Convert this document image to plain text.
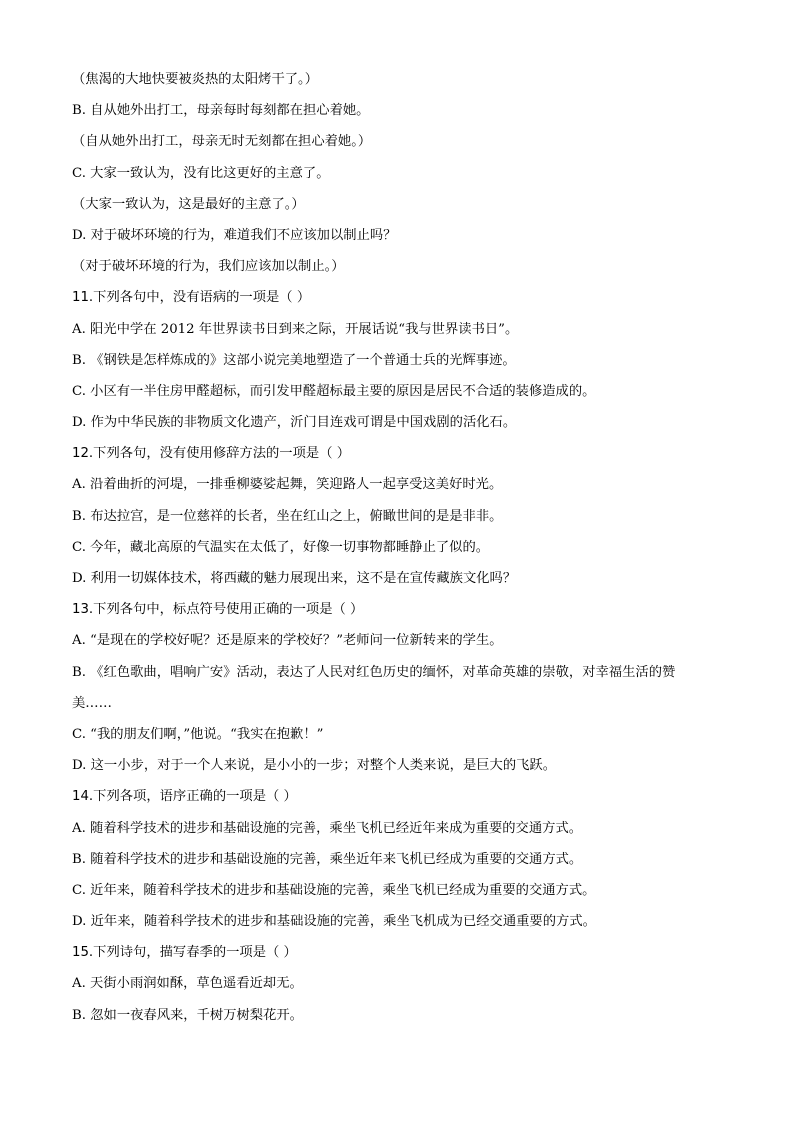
（焦渴的大地快要被炎热的太阳烤干了。）
B. 自从她外出打工，母亲每时每刻都在担心着她。
（自从她外出打工，母亲无时无刻都在担心着她。）
C. 大家一致认为，没有比这更好的主意了。
（大家一致认为，这是最好的主意了。）
D. 对于破坏环境的行为，难道我们不应该加以制止吗？
（对于破坏环境的行为，我们应该加以制止。）
11.下列各句中，没有语病的一项是（ ）
A. 阳光中学在 2012 年世界读书日到来之际，开展话说“我与世界读书日”。
B. 《钢铁是怎样炼成的》这部小说完美地塑造了一个普通士兵的光辉事迹。
C. 小区有一半住房甲醛超标，而引发甲醛超标最主要的原因是居民不合适的装修造成的。
D. 作为中华民族的非物质文化遗产，沂门目连戏可谓是中国戏剧的活化石。
12.下列各句，没有使用修辞方法的一项是（ ）
A. 沿着曲折的河堤，一排垂柳婆娑起舞，笑迎路人一起享受这美好时光。
B. 布达拉宫，是一位慈祥的长者，坐在红山之上，俯瞰世间的是是非非。
C. 今年，藏北高原的气温实在太低了，好像一切事物都睡静止了似的。
D. 利用一切媒体技术，将西藏的魅力展现出来，这不是在宣传藏族文化吗？
13.下列各句中，标点符号使用正确的一项是（ ）
A. “是现在的学校好呢？还是原来的学校好？”老师问一位新转来的学生。
B. 《红色歌曲，唱响广安》活动，表达了人民对红色历史的缅怀，对革命英雄的崇敬，对幸福生活的赞
美……
C. “我的朋友们啊，”他说。“我实在抱歉！”
D. 这一小步，对于一个人来说，是小小的一步；对整个人类来说，是巨大的飞跃。
14.下列各项，语序正确的一项是（ ）
A. 随着科学技术的进步和基础设施的完善，乘坐飞机已经近年来成为重要的交通方式。
B. 随着科学技术的进步和基础设施的完善，乘坐近年来飞机已经成为重要的交通方式。
C. 近年来，随着科学技术的进步和基础设施的完善，乘坐飞机已经成为重要的交通方式。
D. 近年来，随着科学技术的进步和基础设施的完善，乘坐飞机成为已经交通重要的方式。
15.下列诗句，描写春季的一项是（ ）
A. 天街小雨润如酥，草色遥看近却无。
B. 忽如一夜春风来，千树万树梨花开。
